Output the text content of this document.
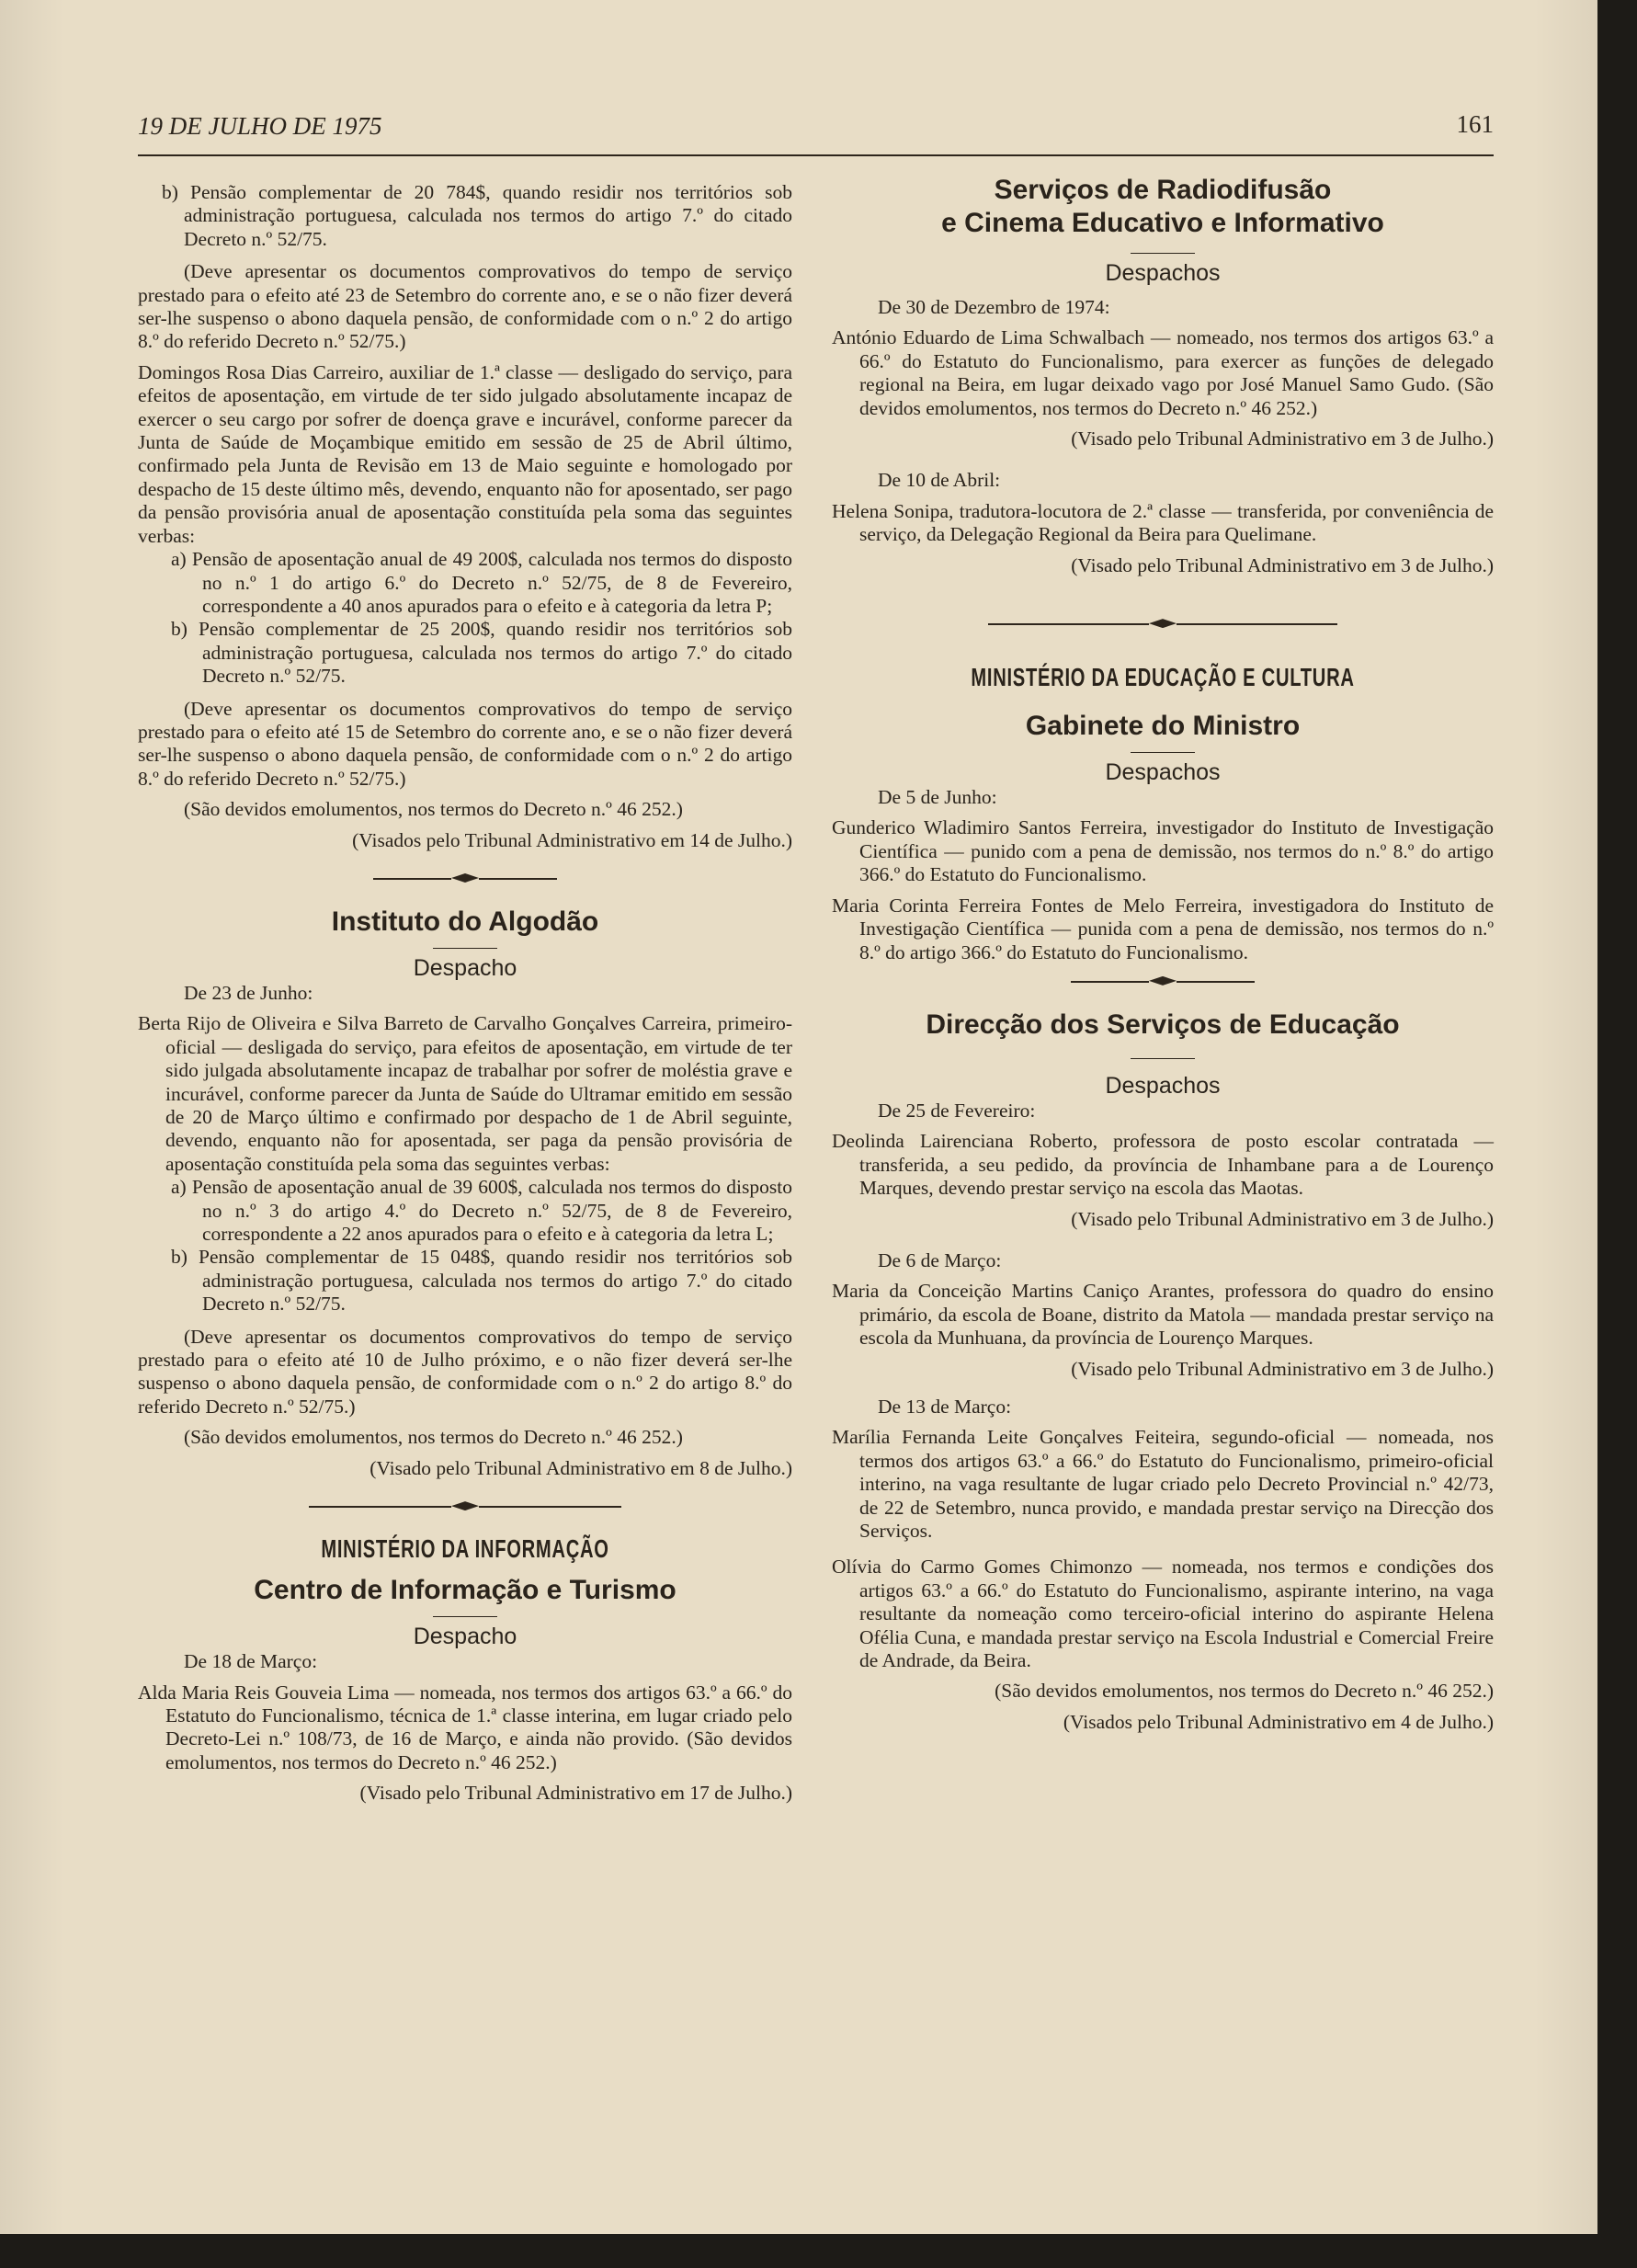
19 DE JULHO DE 1975	161

b) Pensão complementar de 20 784$, quando residir nos territórios sob administração portuguesa, calculada nos termos do artigo 7.º do citado Decreto n.º 52/75.

(Deve apresentar os documentos comprovativos do tempo de serviço prestado para o efeito até 23 de Setembro do corrente ano, e se o não fizer deverá ser-lhe suspenso o abono daquela pensão, de conformidade com o n.º 2 do artigo 8.º do referido Decreto n.º 52/75.)

Domingos Rosa Dias Carreiro, auxiliar de 1.ª classe — desligado do serviço, para efeitos de aposentação, em virtude de ter sido julgado absolutamente incapaz de exercer o seu cargo por sofrer de doença grave e incurável, conforme parecer da Junta de Saúde de Moçambique emitido em sessão de 25 de Abril último, confirmado pela Junta de Revisão em 13 de Maio seguinte e homologado por despacho de 15 deste último mês, devendo, enquanto não for aposentado, ser pago da pensão provisória anual de aposentação constituída pela soma das seguintes verbas:

a) Pensão de aposentação anual de 49 200$, calculada nos termos do disposto no n.º 1 do artigo 6.º do Decreto n.º 52/75, de 8 de Fevereiro, correspondente a 40 anos apurados para o efeito e à categoria da letra P;

b) Pensão complementar de 25 200$, quando residir nos territórios sob administração portuguesa, calculada nos termos do artigo 7.º do citado Decreto n.º 52/75.

(Deve apresentar os documentos comprovativos do tempo de serviço prestado para o efeito até 15 de Setembro do corrente ano, e se o não fizer deverá ser-lhe suspenso o abono daquela pensão, de conformidade com o n.º 2 do artigo 8.º do referido Decreto n.º 52/75.)

(São devidos emolumentos, nos termos do Decreto n.º 46 252.)

(Visados pelo Tribunal Administrativo em 14 de Julho.)

Instituto do Algodão
Despacho

De 23 de Junho:

Berta Rijo de Oliveira e Silva Barreto de Carvalho Gonçalves Carreira, primeiro-oficial — desligada do serviço, para efeitos de aposentação, em virtude de ter sido julgada absolutamente incapaz de trabalhar por sofrer de moléstia grave e incurável, conforme parecer da Junta de Saúde do Ultramar emitido em sessão de 20 de Março último e confirmado por despacho de 1 de Abril seguinte, devendo, enquanto não for aposentada, ser paga da pensão provisória de aposentação constituída pela soma das seguintes verbas:

a) Pensão de aposentação anual de 39 600$, calculada nos termos do disposto no n.º 3 do artigo 4.º do Decreto n.º 52/75, de 8 de Fevereiro, correspondente a 22 anos apurados para o efeito e à categoria da letra L;

b) Pensão complementar de 15 048$, quando residir nos territórios sob administração portuguesa, calculada nos termos do artigo 7.º do citado Decreto n.º 52/75.

(Deve apresentar os documentos comprovativos do tempo de serviço prestado para o efeito até 10 de Julho próximo, e o não fizer deverá ser-lhe suspenso o abono daquela pensão, de conformidade com o n.º 2 do artigo 8.º do referido Decreto n.º 52/75.)

(São devidos emolumentos, nos termos do Decreto n.º 46 252.)

(Visado pelo Tribunal Administrativo em 8 de Julho.)

MINISTÉRIO DA INFORMAÇÃO
Centro de Informação e Turismo
Despacho

De 18 de Março:

Alda Maria Reis Gouveia Lima — nomeada, nos termos dos artigos 63.º a 66.º do Estatuto do Funcionalismo, técnica de 1.ª classe interina, em lugar criado pelo Decreto-Lei n.º 108/73, de 16 de Março, e ainda não provido. (São devidos emolumentos, nos termos do Decreto n.º 46 252.)

(Visado pelo Tribunal Administrativo em 17 de Julho.)

Serviços de Radiodifusão
e Cinema Educativo e Informativo
Despachos

De 30 de Dezembro de 1974:

António Eduardo de Lima Schwalbach — nomeado, nos termos dos artigos 63.º a 66.º do Estatuto do Funcionalismo, para exercer as funções de delegado regional na Beira, em lugar deixado vago por José Manuel Samo Gudo. (São devidos emolumentos, nos termos do Decreto n.º 46 252.)

(Visado pelo Tribunal Administrativo em 3 de Julho.)

De 10 de Abril:

Helena Sonipa, tradutora-locutora de 2.ª classe — transferida, por conveniência de serviço, da Delegação Regional da Beira para Quelimane.

(Visado pelo Tribunal Administrativo em 3 de Julho.)

MINISTÉRIO DA EDUCAÇÃO E CULTURA
Gabinete do Ministro
Despachos

De 5 de Junho:

Gunderico Wladimiro Santos Ferreira, investigador do Instituto de Investigação Científica — punido com a pena de demissão, nos termos do n.º 8.º do artigo 366.º do Estatuto do Funcionalismo.

Maria Corinta Ferreira Fontes de Melo Ferreira, investigadora do Instituto de Investigação Científica — punida com a pena de demissão, nos termos do n.º 8.º do artigo 366.º do Estatuto do Funcionalismo.

Direcção dos Serviços de Educação
Despachos

De 25 de Fevereiro:

Deolinda Lairenciana Roberto, professora de posto escolar contratada — transferida, a seu pedido, da província de Inhambane para a de Lourenço Marques, devendo prestar serviço na escola das Maotas.

(Visado pelo Tribunal Administrativo em 3 de Julho.)

De 6 de Março:

Maria da Conceição Martins Caniço Arantes, professora do quadro do ensino primário, da escola de Boane, distrito da Matola — mandada prestar serviço na escola da Munhuana, da província de Lourenço Marques.

(Visado pelo Tribunal Administrativo em 3 de Julho.)

De 13 de Março:

Marília Fernanda Leite Gonçalves Feiteira, segundo-oficial — nomeada, nos termos dos artigos 63.º a 66.º do Estatuto do Funcionalismo, primeiro-oficial interino, na vaga resultante de lugar criado pelo Decreto Provincial n.º 42/73, de 22 de Setembro, nunca provido, e mandada prestar serviço na Direcção dos Serviços.

Olívia do Carmo Gomes Chimonzo — nomeada, nos termos e condições dos artigos 63.º a 66.º do Estatuto do Funcionalismo, aspirante interino, na vaga resultante da nomeação como terceiro-oficial interino do aspirante Helena Ofélia Cuna, e mandada prestar serviço na Escola Industrial e Comercial Freire de Andrade, da Beira.

(São devidos emolumentos, nos termos do Decreto n.º 46 252.)

(Visados pelo Tribunal Administrativo em 4 de Julho.)
